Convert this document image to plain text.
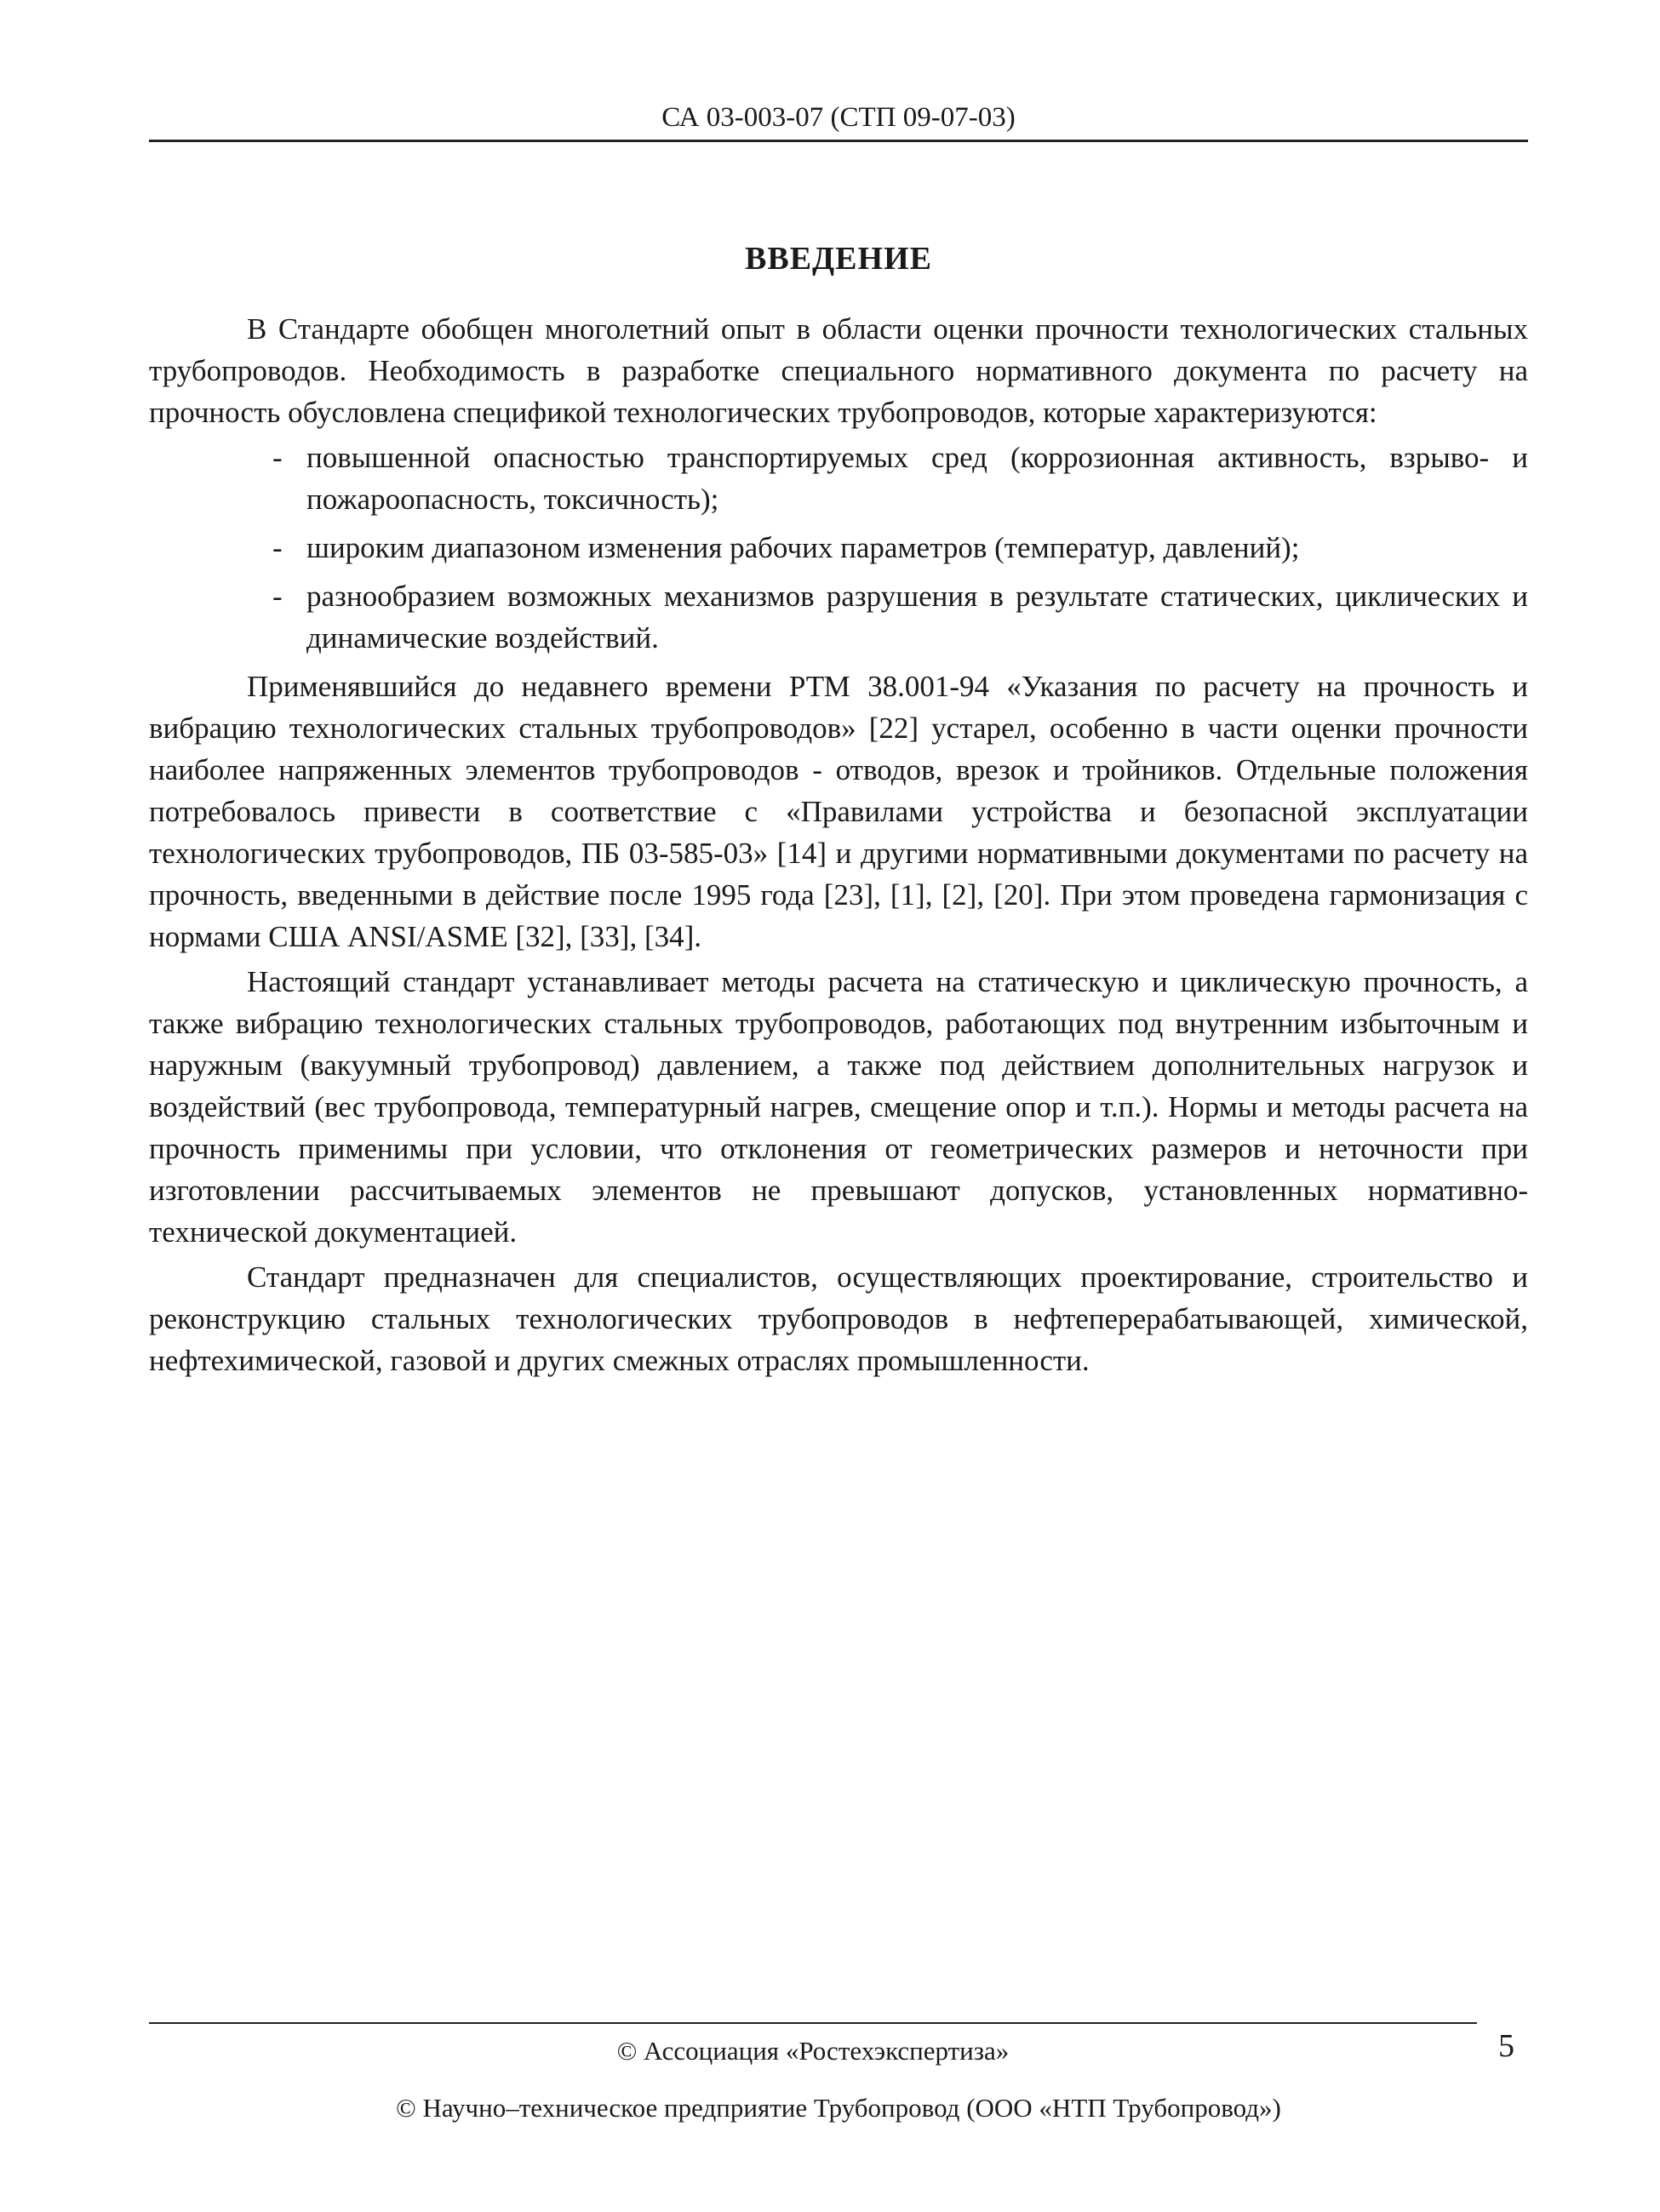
СА 03-003-07 (СТП 09-07-03)
ВВЕДЕНИЕ

В Стандарте обобщен многолетний опыт в области оценки прочности технологических стальных трубопроводов. Необходимость в разработке специального нормативного документа по расчету на прочность обусловлена спецификой технологических трубопроводов, которые характеризуются:

- повышенной опасностью транспортируемых сред (коррозионная активность, взрыво- и пожароопасность, токсичность);
- широким диапазоном изменения рабочих параметров (температур, давлений);
- разнообразием возможных механизмов разрушения в результате статических, циклических и динамические воздействий.

Применявшийся до недавнего времени РТМ 38.001-94 «Указания по расчету на прочность и вибрацию технологических стальных трубопроводов» [22] устарел, особенно в части оценки прочности наиболее напряженных элементов трубопроводов - отводов, врезок и тройников. Отдельные положения потребовалось привести в соответствие с «Правилами устройства и безопасной эксплуатации технологических трубопроводов, ПБ 03-585-03» [14] и другими нормативными документами по расчету на прочность, введенными в действие после 1995 года [23], [1], [2], [20]. При этом проведена гармонизация с нормами США ANSI/ASME [32], [33], [34].

Настоящий стандарт устанавливает методы расчета на статическую и циклическую прочность, а также вибрацию технологических стальных трубопроводов, работающих под внутренним избыточным и наружным (вакуумный трубопровод) давлением, а также под действием дополнительных нагрузок и воздействий (вес трубопровода, температурный нагрев, смещение опор и т.п.). Нормы и методы расчета на прочность применимы при условии, что отклонения от геометрических размеров и неточности при изготовлении рассчитываемых элементов не превышают допусков, установленных нормативно-технической документацией.

Стандарт предназначен для специалистов, осуществляющих проектирование, строительство и реконструкцию стальных технологических трубопроводов в нефтеперерабатывающей, химической, нефтехимической, газовой и других смежных отраслях промышленности.

© Ассоциация «Ростехэкспертиза»	5
© Научно–техническое предприятие Трубопровод (ООО «НТП Трубопровод»)
